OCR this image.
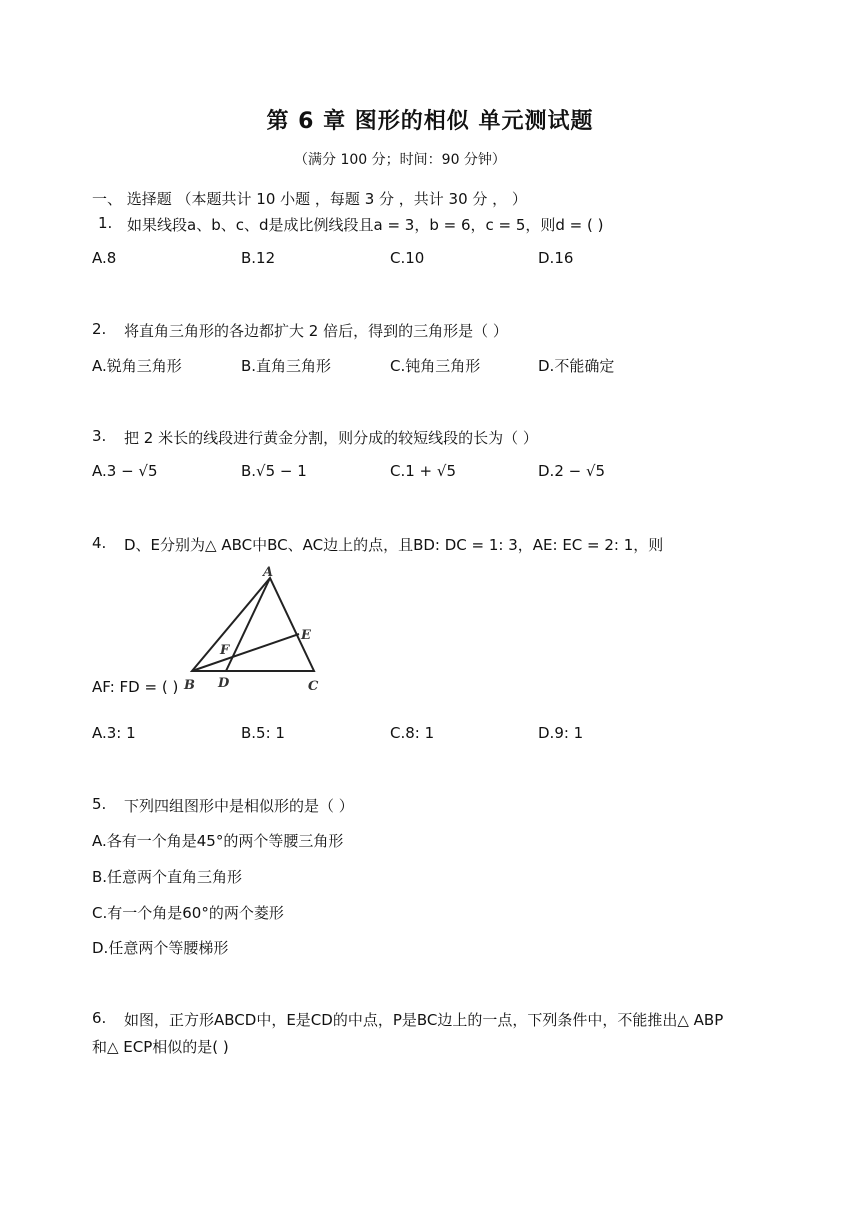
第 6 章 图形的相似 单元测试题
（满分 100 分；时间：90 分钟）
一、 选择题 （本题共计 10 小题 ，每题 3 分 ，共计 30 分 ， ）
1. 如果线段a、b、c、d是成比例线段且a = 3，b = 6，c = 5，则d = ( )
A.8	B.12	C.10	D.16
2. 将直角三角形的各边都扩大 2 倍后，得到的三角形是（ ）
A.锐角三角形	B.直角三角形	C.钝角三角形	D.不能确定
3. 把 2 米长的线段进行黄金分割，则分成的较短线段的长为（ ）
A.3 − √5	B.√5 − 1	C.1 + √5	D.2 − √5
4. D、E分别为△ ABC中BC、AC边上的点，且BD: DC = 1: 3，AE: EC = 2: 1，则
A
E
F
B D	C
AF: FD = ( )
A.3: 1	B.5: 1	C.8: 1	D.9: 1
5. 下列四组图形中是相似形的是（ ）
A.各有一个角是45°的两个等腰三角形
B.任意两个直角三角形
C.有一个角是60°的两个菱形
D.任意两个等腰梯形
6. 如图，正方形ABCD中，E是CD的中点，P是BC边上的一点，下列条件中，不能推出△ ABP
和△ ECP相似的是( )
